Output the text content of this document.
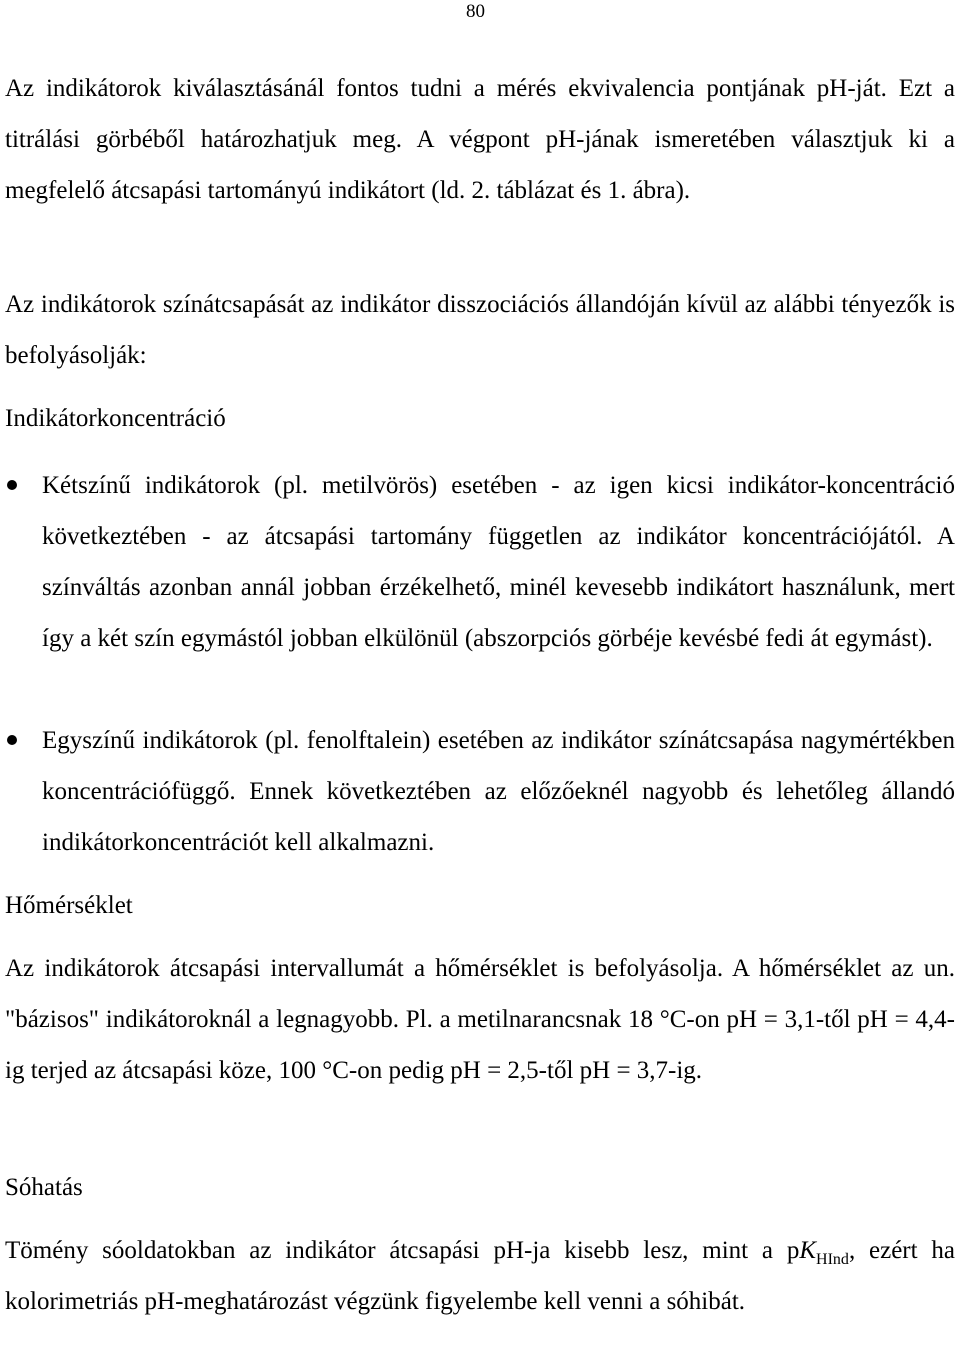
80

Az indikátorok kiválasztásánál fontos tudni a mérés ekvivalencia pontjának pH-ját. Ezt a titrálási görbéből határozhatjuk meg. A végpont pH-jának ismeretében választjuk ki a megfelelő átcsapási tartományú indikátort (ld. 2. táblázat és 1. ábra).

Az indikátorok színátcsapását az indikátor disszociációs állandóján kívül az alábbi tényezők is befolyásolják:

Indikátorkoncentráció

Kétszínű indikátorok (pl. metilvörös) esetében - az igen kicsi indikátor-koncentráció következtében - az átcsapási tartomány független az indikátor koncentrációjától. A színváltás azonban annál jobban érzékelhető, minél kevesebb indikátort használunk, mert így a két szín egymástól jobban elkülönül (abszorpciós görbéje kevésbé fedi át egymást).

Egyszínű indikátorok (pl. fenolftalein) esetében az indikátor színátcsapása nagymértékben koncentrációfüggő. Ennek következtében az előzőeknél nagyobb és lehetőleg állandó indikátorkoncentrációt kell alkalmazni.

Hőmérséklet

Az indikátorok átcsapási intervallumát a hőmérséklet is befolyásolja. A hőmérséklet az un. "bázisos" indikátoroknál a legnagyobb. Pl. a metilnarancsnak 18 °C-on pH = 3,1-től pH = 4,4-ig terjed az átcsapási köze, 100 °C-on pedig pH = 2,5-től pH = 3,7-ig.

Sóhatás

Tömény sóoldatokban az indikátor átcsapási pH-ja kisebb lesz, mint a $pK_{HInd}$, ezért ha kolorimetriás pH-meghatározást végzünk figyelembe kell venni a sóhibát.
